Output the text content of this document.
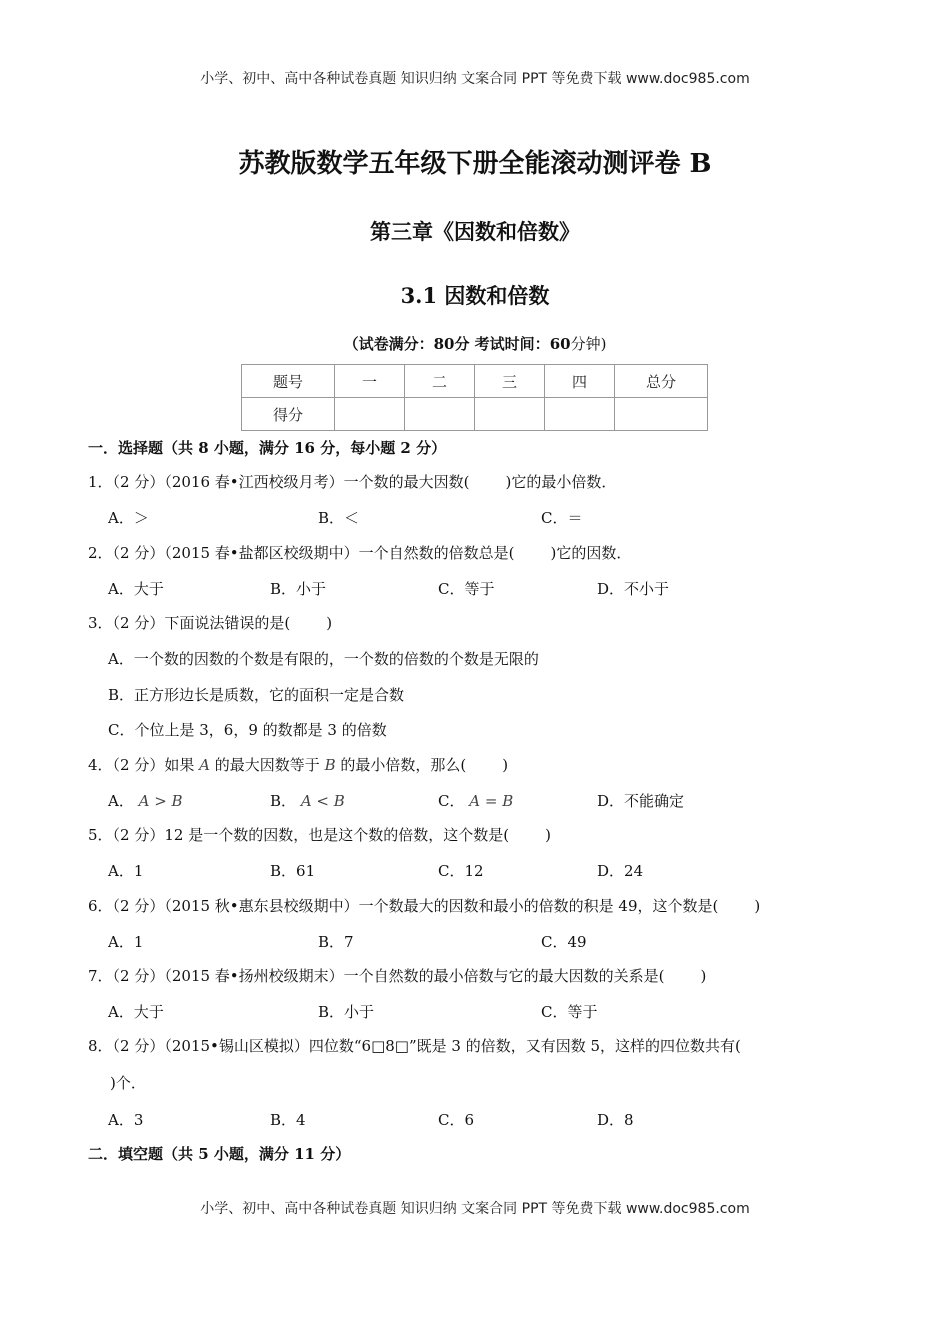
小学、初中、高中各种试卷真题 知识归纳 文案合同 PPT 等免费下载 www.doc985.com
苏教版数学五年级下册全能滚动测评卷 B
第三章《因数和倍数》
3.1 因数和倍数
（试卷满分：80分 考试时间：60分钟)
题号	一	二	三	四	总分
得分					
一．选择题（共 8 小题，满分 16 分，每小题 2 分）
1．（2 分）（2016 春•江西校级月考）一个数的最大因数( )它的最小倍数．
A．＞	B．＜	C．＝
2．（2 分）（2015 春•盐都区校级期中）一个自然数的倍数总是( )它的因数．
A．大于	B．小于	C．等于	D．不小于
3．（2 分）下面说法错误的是( )
A．一个数的因数的个数是有限的，一个数的倍数的个数是无限的
B．正方形边长是质数，它的面积一定是合数
C．个位上是 3，6，9 的数都是 3 的倍数
4．（2 分）如果 A 的最大因数等于 B 的最小倍数，那么( )
A． A > B	B． A < B	C． A = B	D．不能确定
5．（2 分）12 是一个数的因数，也是这个数的倍数，这个数是( )
A．1	B．61	C．12	D．24
6．（2 分）（2015 秋•惠东县校级期中）一个数最大的因数和最小的倍数的积是 49，这个数是( )
A．1	B．7	C．49
7．（2 分）（2015 春•扬州校级期末）一个自然数的最小倍数与它的最大因数的关系是( )
A．大于	B．小于	C．等于
8．（2 分）（2015•锡山区模拟）四位数“6□8□”既是 3 的倍数，又有因数 5，这样的四位数共有(
)个．
A．3	B．4	C．6	D．8
二．填空题（共 5 小题，满分 11 分）
小学、初中、高中各种试卷真题 知识归纳 文案合同 PPT 等免费下载 www.doc985.com
